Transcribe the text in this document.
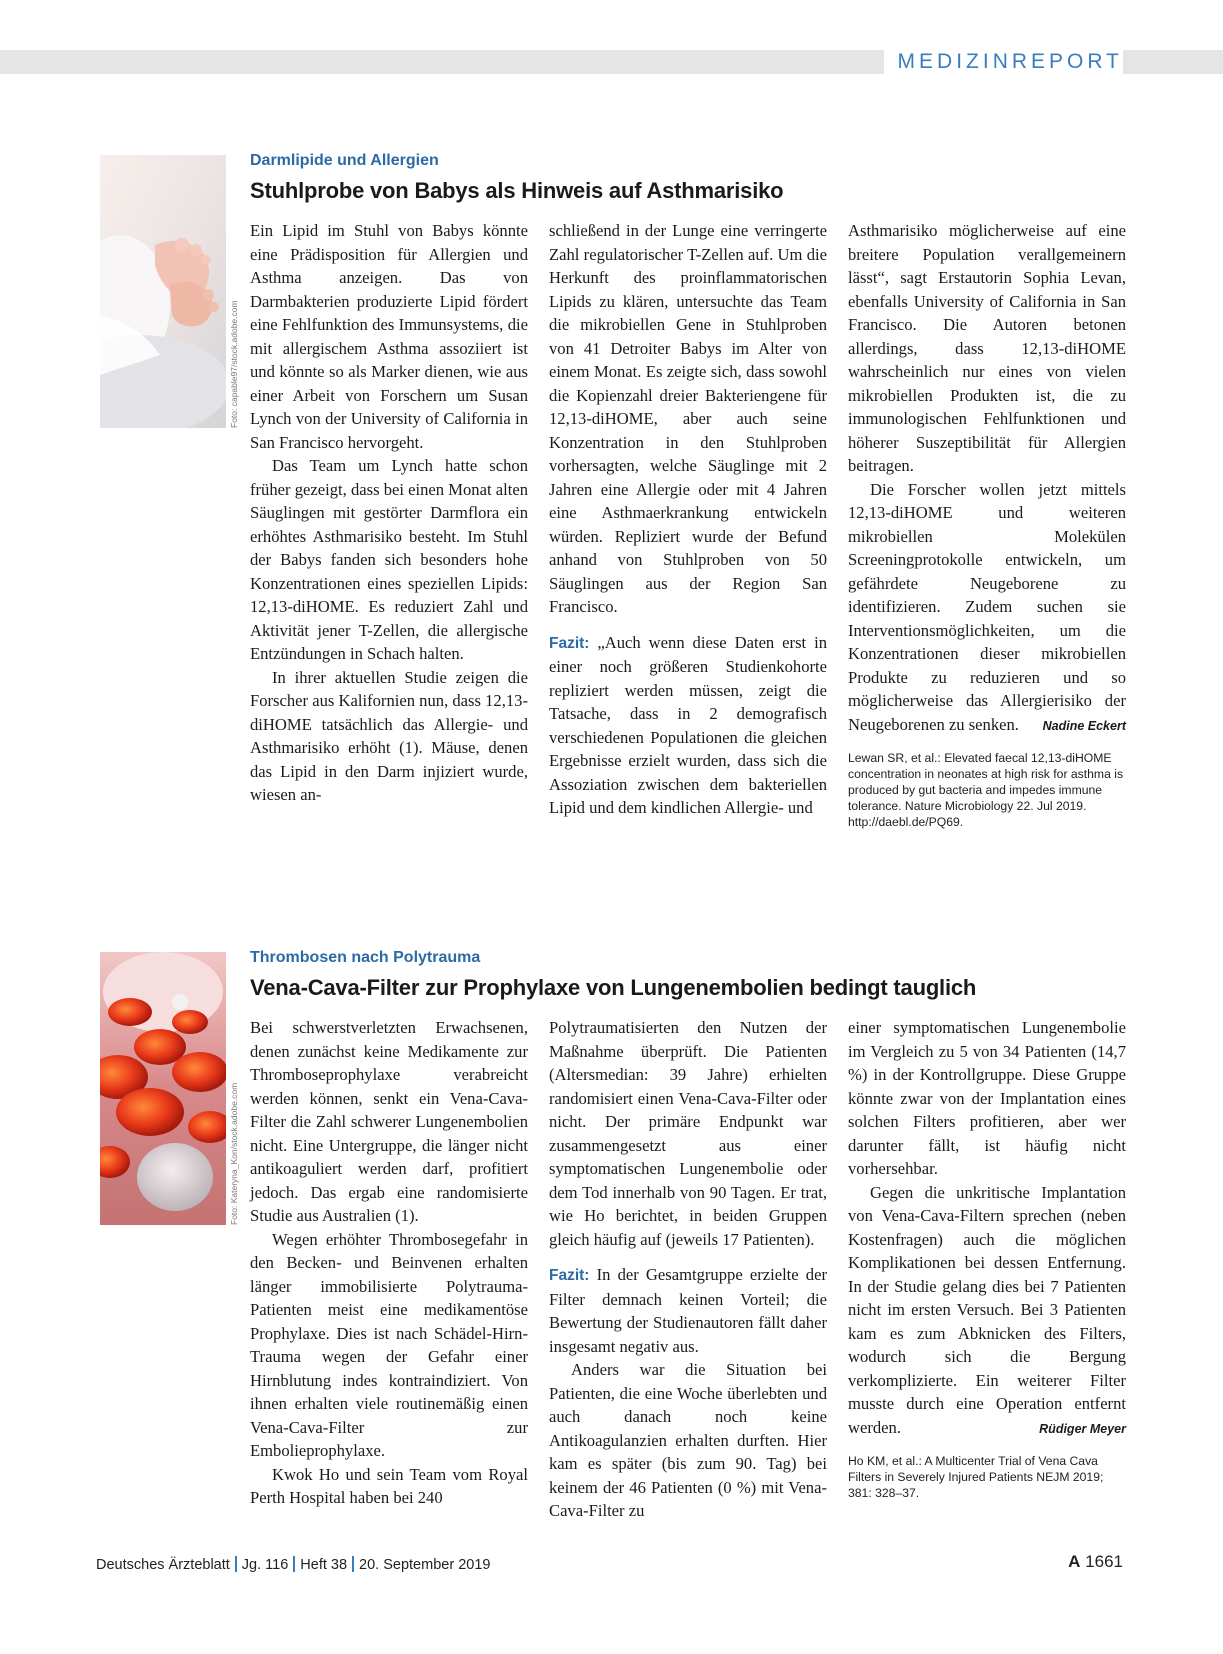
MEDIZINREPORT
Foto: capable97/stock.adobe.com
Darmlipide und Allergien
Stuhlprobe von Babys als Hinweis auf Asthmarisiko

Ein Lipid im Stuhl von Babys könnte eine Prädisposition für Allergien und Asthma anzeigen. Das von Darmbakterien produzierte Lipid fördert eine Fehlfunktion des Immunsystems, die mit allergischem Asthma assoziiert ist und könnte so als Marker dienen, wie aus einer Arbeit von Forschern um Susan Lynch von der University of California in San Francisco hervorgeht.

Das Team um Lynch hatte schon früher gezeigt, dass bei einen Monat alten Säuglingen mit gestörter Darmflora ein erhöhtes Asthmarisiko besteht. Im Stuhl der Babys fanden sich besonders hohe Konzentrationen eines speziellen Lipids: 12,13-diHOME. Es reduziert Zahl und Aktivität jener T-Zellen, die allergische Entzündungen in Schach halten.

In ihrer aktuellen Studie zeigen die Forscher aus Kalifornien nun, dass 12,13-diHOME tatsächlich das Allergie- und Asthmarisiko erhöht (1). Mäuse, denen das Lipid in den Darm injiziert wurde, wiesen an-

schließend in der Lunge eine verringerte Zahl regulatorischer T-Zellen auf. Um die Herkunft des proinflammatorischen Lipids zu klären, untersuchte das Team die mikrobiellen Gene in Stuhlproben von 41 Detroiter Babys im Alter von einem Monat. Es zeigte sich, dass sowohl die Kopienzahl dreier Bakteriengene für 12,13-diHOME, aber auch seine Konzentration in den Stuhlproben vorhersagten, welche Säuglinge mit 2 Jahren eine Allergie oder mit 4 Jahren eine Asthmaerkrankung entwickeln würden. Repliziert wurde der Befund anhand von Stuhlproben von 50 Säuglingen aus der Region San Francisco.

Fazit: „Auch wenn diese Daten erst in einer noch größeren Studienkohorte repliziert werden müssen, zeigt die Tatsache, dass in 2 demografisch verschiedenen Populationen die gleichen Ergebnisse erzielt wurden, dass sich die Assoziation zwischen dem bakteriellen Lipid und dem kindlichen Allergie- und

Asthmarisiko möglicherweise auf eine breitere Population verallgemeinern lässt“, sagt Erstautorin Sophia Levan, ebenfalls University of California in San Francisco. Die Autoren betonen allerdings, dass 12,13-diHOME wahrscheinlich nur eines von vielen mikrobiellen Produkten ist, die zu immunologischen Fehlfunktionen und höherer Suszeptibilität für Allergien beitragen.

Die Forscher wollen jetzt mittels 12,13-diHOME und weiteren mikrobiellen Molekülen Screeningprotokolle entwickeln, um gefährdete Neugeborene zu identifizieren. Zudem suchen sie Interventionsmöglichkeiten, um die Konzentrationen dieser mikrobiellen Produkte zu reduzieren und so möglicherweise das Allergierisiko der Neugeborenen zu senken.	Nadine Eckert

Lewan SR, et al.: Elevated faecal 12,13-diHOME concentration in neonates at high risk for asthma is produced by gut bacteria and impedes immune tolerance. Nature Microbiology 22. Jul 2019. http://daebl.de/PQ69.

Foto: Kateryna_Kon/stock.adobe.com
Thrombosen nach Polytrauma
Vena-Cava-Filter zur Prophylaxe von Lungenembolien bedingt tauglich

Bei schwerstverletzten Erwachsenen, denen zunächst keine Medikamente zur Thromboseprophylaxe verabreicht werden können, senkt ein Vena-Cava-Filter die Zahl schwerer Lungenembolien nicht. Eine Untergruppe, die länger nicht antikoaguliert werden darf, profitiert jedoch. Das ergab eine randomisierte Studie aus Australien (1).

Wegen erhöhter Thrombosegefahr in den Becken- und Beinvenen erhalten länger immobilisierte Polytrauma-Patienten meist eine medikamentöse Prophylaxe. Dies ist nach Schädel-Hirn-Trauma wegen der Gefahr einer Hirnblutung indes kontraindiziert. Von ihnen erhalten viele routinemäßig einen Vena-Cava-Filter zur Embolieprophylaxe.

Kwok Ho und sein Team vom Royal Perth Hospital haben bei 240

Polytraumatisierten den Nutzen der Maßnahme überprüft. Die Patienten (Altersmedian: 39 Jahre) erhielten randomisiert einen Vena-Cava-Filter oder nicht. Der primäre Endpunkt war zusammengesetzt aus einer symptomatischen Lungenembolie oder dem Tod innerhalb von 90 Tagen. Er trat, wie Ho berichtet, in beiden Gruppen gleich häufig auf (jeweils 17 Patienten).

Fazit: In der Gesamtgruppe erzielte der Filter demnach keinen Vorteil; die Bewertung der Studienautoren fällt daher insgesamt negativ aus.

Anders war die Situation bei Patienten, die eine Woche überlebten und auch danach noch keine Antikoagulanzien erhalten durften. Hier kam es später (bis zum 90. Tag) bei keinem der 46 Patienten (0 %) mit Vena-Cava-Filter zu

einer symptomatischen Lungenembolie im Vergleich zu 5 von 34 Patienten (14,7 %) in der Kontrollgruppe. Diese Gruppe könnte zwar von der Implantation eines solchen Filters profitieren, aber wer darunter fällt, ist häufig nicht vorhersehbar.

Gegen die unkritische Implantation von Vena-Cava-Filtern sprechen (neben Kostenfragen) auch die möglichen Komplikationen bei dessen Entfernung. In der Studie gelang dies bei 7 Patienten nicht im ersten Versuch. Bei 3 Patienten kam es zum Abknicken des Filters, wodurch sich die Bergung verkomplizierte. Ein weiterer Filter musste durch eine Operation entfernt werden.	Rüdiger Meyer

Ho KM, et al.: A Multicenter Trial of Vena Cava Filters in Severely Injured Patients NEJM 2019; 381: 328–37.

Deutsches Ärzteblatt Jg. 116 Heft 38 20. September 2019	A 1661
